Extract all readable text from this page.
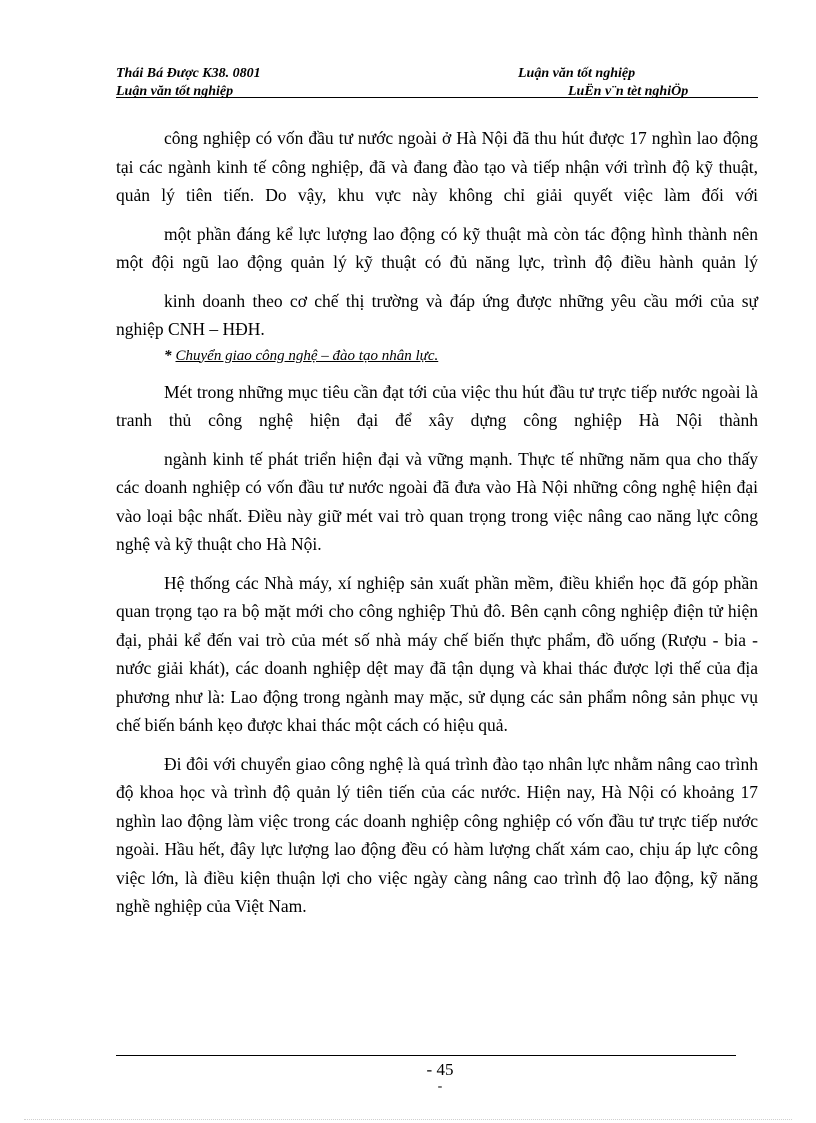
Thái Bá Được K38. 0801	Luận văn tốt nghiệp
Luận văn tốt nghiệp	LuËn v¨n tèt nghiÖp

công nghiệp có vốn đầu tư nước ngoài ở Hà Nội đã thu hút được 17 nghìn lao động tại các ngành kinh tế công nghiệp, đã và đang đào tạo và tiếp nhận với trình độ kỹ thuật, quản lý tiên tiến. Do vậy, khu vực này không chỉ giải quyết việc làm đối với

một phần đáng kể lực lượng lao động có kỹ thuật mà còn tác động hình thành nên một đội ngũ lao động quản lý kỹ thuật có đủ năng lực, trình độ điều hành quản lý

kinh doanh theo cơ chế thị trường và đáp ứng được những yêu cầu mới của sự nghiệp CNH – HĐH.

* Chuyển giao công nghệ – đào tạo nhân lực.

Mét trong những mục tiêu cần đạt tới của việc thu hút đầu tư trực tiếp nước ngoài là tranh thủ công nghệ hiện đại để xây dựng công nghiệp Hà Nội thành

ngành kinh tế phát triển hiện đại và vững mạnh. Thực tế những năm qua cho thấy các doanh nghiệp có vốn đầu tư nước ngoài đã đưa vào Hà Nội những công nghệ hiện đại vào loại bậc nhất. Điều này giữ mét vai trò quan trọng trong việc nâng cao năng lực công nghệ và kỹ thuật cho Hà Nội.

Hệ thống các Nhà máy, xí nghiệp sản xuất phần mềm, điều khiển học đã góp phần quan trọng tạo ra bộ mặt mới cho công nghiệp Thủ đô. Bên cạnh công nghiệp điện tử hiện đại, phải kể đến vai trò của mét số nhà máy chế biến thực phẩm, đồ uống (Rượu - bia - nước giải khát), các doanh nghiệp dệt may đã tận dụng và khai thác được lợi thế của địa phương như là: Lao động trong ngành may mặc, sử dụng các sản phẩm nông sản phục vụ chế biến bánh kẹo được khai thác một cách có hiệu quả.

Đi đôi với chuyển giao công nghệ là quá trình đào tạo nhân lực nhằm nâng cao trình độ khoa học và trình độ quản lý tiên tiến của các nước. Hiện nay, Hà Nội có khoảng 17 nghìn lao động làm việc trong các doanh nghiệp công nghiệp có vốn đầu tư trực tiếp nước ngoài. Hầu hết, đây lực lượng lao động đều có hàm lượng chất xám cao, chịu áp lực công việc lớn, là điều kiện thuận lợi cho việc ngày càng nâng cao trình độ lao động, kỹ năng nghề nghiệp của Việt Nam.

- 45
-
